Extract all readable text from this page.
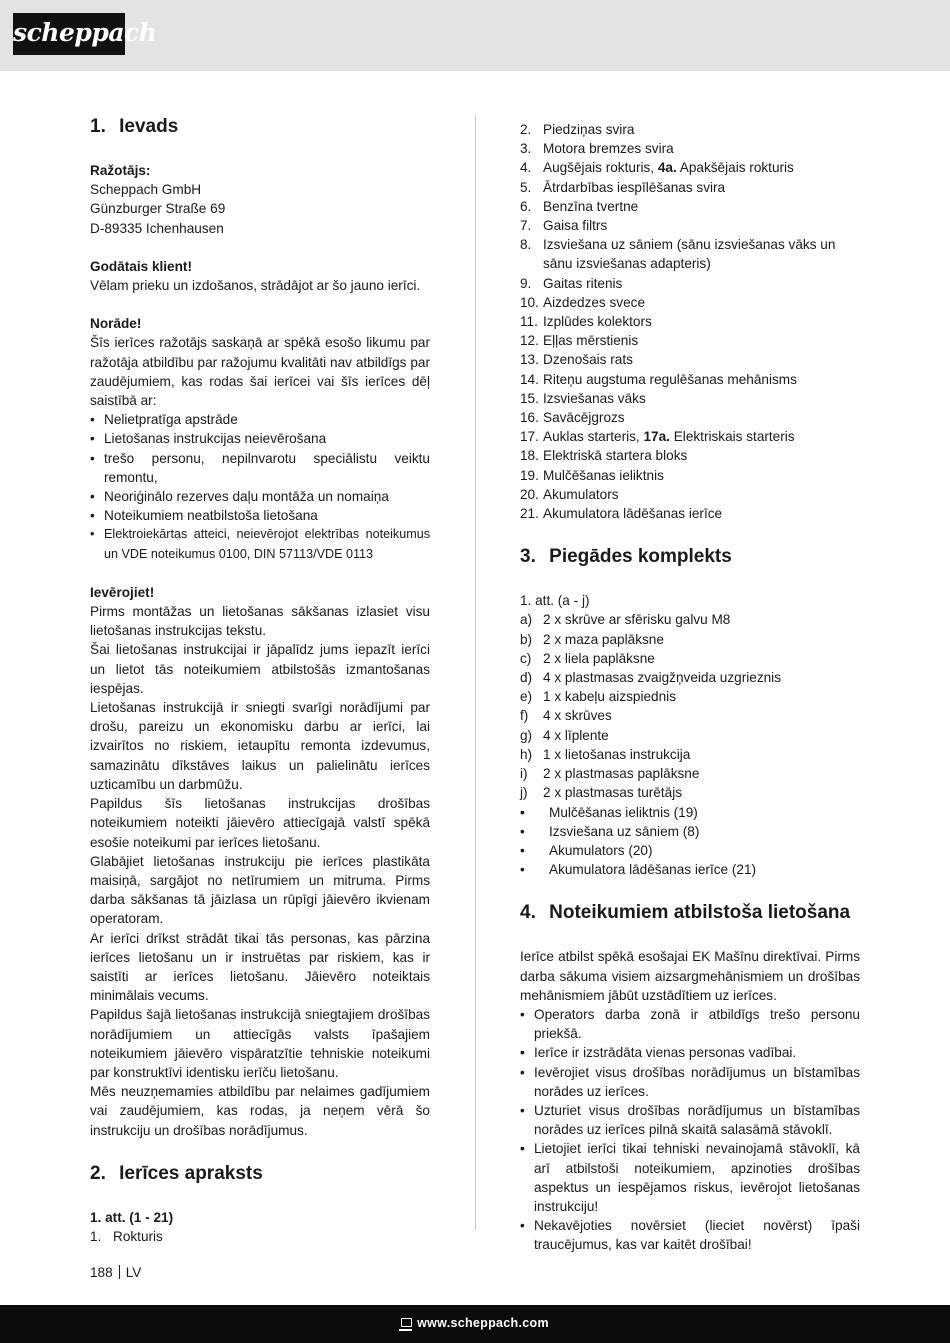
scheppach
1. Ievads

Ražotājs:

Scheppach GmbH

Günzburger Straße 69

D-89335 Ichenhausen

Godātais klient!

Vēlam prieku un izdošanos, strādājot ar šo jauno ierīci.

Norāde!

Šīs ierīces ražotājs saskaņā ar spēkā esošo likumu par ražotāja atbildību par ražojumu kvalitāti nav atbildīgs par zaudējumiem, kas rodas šai ierīcei vai šīs ierīces dēļ saistībā ar:

• Nelietpratīga apstrāde
• Lietošanas instrukcijas neievērošana
• trešo personu, nepilnvarotu speciālistu veiktu remontu,
• Neoriģinālo rezerves daļu montāža un nomaiņa
• Noteikumiem neatbilstoša lietošana
• Elektroiekārtas atteici, neievērojot elektrības noteikumus un VDE noteikumus 0100, DIN 57113/VDE 0113

Ievērojiet!

Pirms montāžas un lietošanas sākšanas izlasiet visu lietošanas instrukcijas tekstu.

Šai lietošanas instrukcijai ir jāpalīdz jums iepazīt ierīci un lietot tās noteikumiem atbilstošās izmantošanas iespējas.

Lietošanas instrukcijā ir sniegti svarīgi norādījumi par drošu, pareizu un ekonomisku darbu ar ierīci, lai izvairītos no riskiem, ietaupītu remonta izdevumus, samazinātu dīkstāves laikus un palielinātu ierīces uzticamību un darbmūžu.

Papildus šīs lietošanas instrukcijas drošības noteikumiem noteikti jāievēro attiecīgajā valstī spēkā esošie noteikumi par ierīces lietošanu.

Glabājiet lietošanas instrukciju pie ierīces plastikāta maisiņā, sargājot no netīrumiem un mitruma. Pirms darba sākšanas tā jāizlasa un rūpīgi jāievēro ikvienam operatoram.

Ar ierīci drīkst strādāt tikai tās personas, kas pārzina ierīces lietošanu un ir instruētas par riskiem, kas ir saistīti ar ierīces lietošanu. Jāievēro noteiktais minimālais vecums.

Papildus šajā lietošanas instrukcijā sniegtajiem drošības norādījumiem un attiecīgās valsts īpašajiem noteikumiem jāievēro vispāratzītie tehniskie noteikumi par konstruktīvi identisku ierīču lietošanu.

Mēs neuzņemamies atbildību par nelaimes gadījumiem vai zaudējumiem, kas rodas, ja neņem vērā šo instrukciju un drošības norādījumus.

2. Ierīces apraksts

1. att. (1 - 21)

1. Rokturis
2. Piedziņas svira
3. Motora bremzes svira
4. Augšējais rokturis, 4a. Apakšējais rokturis
5. Ātrdarbības iespīlēšanas svira
6. Benzīna tvertne
7. Gaisa filtrs
8. Izsviešana uz sāniem (sānu izsviešanas vāks un sānu izsviešanas adapteris)
9. Gaitas ritenis
10. Aizdedzes svece
11. Izplūdes kolektors
12. Eļļas mērstienis
13. Dzenošais rats
14. Riteņu augstuma regulēšanas mehānisms
15. Izsviešanas vāks
16. Savācējgrozs
17. Auklas starteris, 17a. Elektriskais starteris
18. Elektriskā startera bloks
19. Mulčēšanas ieliktnis
20. Akumulators
21. Akumulatora lādēšanas ierīce
3. Piegādes komplekts

1. att. (a - j)

a) 2 x skrūve ar sfērisku galvu M8
b) 2 x maza paplāksne
c) 2 x liela paplāksne
d) 4 x plastmasas zvaigžņveida uzgrieznis
e) 1 x kabeļu aizspiednis
f)	4 x skrūves
g) 4 x līplente
h) 1 x lietošanas instrukcija
i)	2 x plastmasas paplāksne
j)	2 x plastmasas turētājs
•	Mulčēšanas ieliktnis (19)
•	Izsviešana uz sāniem (8)
•	Akumulators (20)
•	Akumulatora lādēšanas ierīce (21)
4. Noteikumiem atbilstoša lietošana

Ierīce atbilst spēkā esošajai EK Mašīnu direktīvai. Pirms darba sākuma visiem aizsargmehānismiem un drošības mehānismiem jābūt uzstādītiem uz ierīces.

• Operators darba zonā ir atbildīgs trešo personu priekšā.
• Ierīce ir izstrādāta vienas personas vadībai.
• Ievērojiet visus drošības norādījumus un bīstamības norādes uz ierīces.
• Uzturiet visus drošības norādījumus un bīstamības norādes uz ierīces pilnā skaitā salasāmā stāvoklī.
• Lietojiet ierīci tikai tehniski nevainojamā stāvoklī, kā arī atbilstoši noteikumiem, apzinoties drošības aspektus un iespējamos riskus, ievērojot lietošanas instrukciju!
• Nekavējoties novērsiet (lieciet novērst) īpaši traucējumus, kas var kaitēt drošībai!
188 LV
www.scheppach.com
